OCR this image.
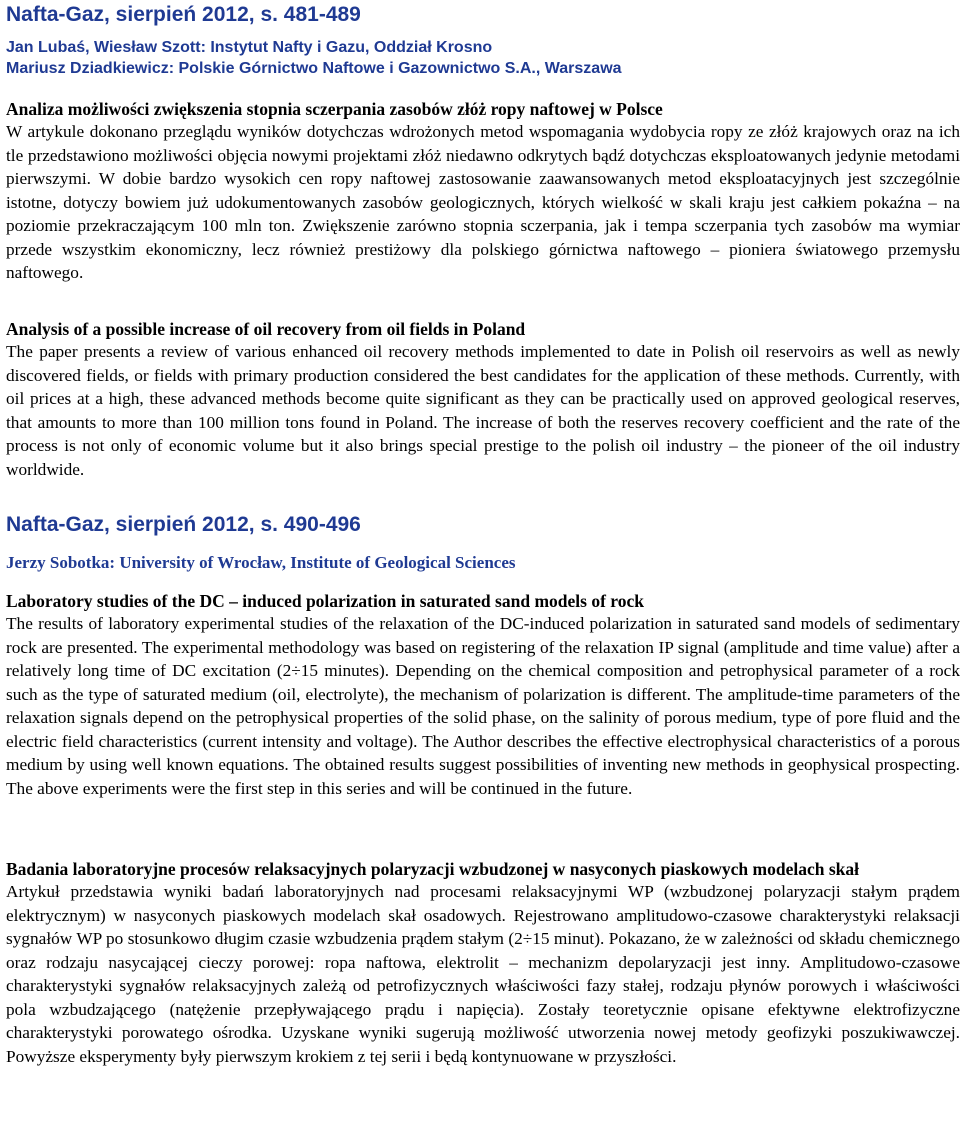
Nafta-Gaz, sierpień 2012, s. 481-489

Jan Lubaś, Wiesław Szott: Instytut Nafty i Gazu, Oddział Krosno

Mariusz Dziadkiewicz: Polskie Górnictwo Naftowe i Gazownictwo S.A., Warszawa

Analiza możliwości zwiększenia stopnia sczerpania zasobów złóż ropy naftowej w Polsce

W artykule dokonano przeglądu wyników dotychczas wdrożonych metod wspomagania wydobycia ropy ze złóż krajowych oraz na ich tle przedstawiono możliwości objęcia nowymi projektami złóż niedawno odkrytych bądź dotychczas eksploatowanych jedynie metodami pierwszymi. W dobie bardzo wysokich cen ropy naftowej zastosowanie zaawansowanych metod eksploatacyjnych jest szczególnie istotne, dotyczy bowiem już udokumentowanych zasobów geologicznych, których wielkość w skali kraju jest całkiem pokaźna – na poziomie przekraczającym 100 mln ton. Zwiększenie zarówno stopnia sczerpania, jak i tempa sczerpania tych zasobów ma wymiar przede wszystkim ekonomiczny, lecz również prestiżowy dla polskiego górnictwa naftowego – pioniera światowego przemysłu naftowego.

Analysis of a possible increase of oil recovery from oil fields in Poland

The paper presents a review of various enhanced oil recovery methods implemented to date in Polish oil reservoirs as well as newly discovered fields, or fields with primary production considered the best candidates for the application of these methods. Currently, with oil prices at a high, these advanced methods become quite significant as they can be practically used on approved geological reserves, that amounts to more than 100 million tons found in Poland. The increase of both the reserves recovery coefficient and the rate of the process is not only of economic volume but it also brings special prestige to the polish oil industry – the pioneer of the oil industry worldwide.

Nafta-Gaz, sierpień 2012, s. 490-496

Jerzy Sobotka: University of Wrocław, Institute of Geological Sciences

Laboratory studies of the DC – induced polarization in saturated sand models of rock

The results of laboratory experimental studies of the relaxation of the DC-induced polarization in saturated sand models of sedimentary rock are presented. The experimental methodology was based on registering of the relaxation IP signal (amplitude and time value) after a relatively long time of DC excitation (2÷15 minutes). Depending on the chemical composition and petrophysical parameter of a rock such as the type of saturated medium (oil, electrolyte), the mechanism of polarization is different. The amplitude-time parameters of the relaxation signals depend on the petrophysical properties of the solid phase, on the salinity of porous medium, type of pore fluid and the electric field characteristics (current intensity and voltage). The Author describes the effective electrophysical characteristics of a porous medium by using well known equations. The obtained results suggest possibilities of inventing new methods in geophysical prospecting. The above experiments were the first step in this series and will be continued in the future.

Badania laboratoryjne procesów relaksacyjnych polaryzacji wzbudzonej w nasyconych piaskowych modelach skał

Artykuł przedstawia wyniki badań laboratoryjnych nad procesami relaksacyjnymi WP (wzbudzonej polaryzacji stałym prądem elektrycznym) w nasyconych piaskowych modelach skał osadowych. Rejestrowano amplitudowo-czasowe charakterystyki relaksacji sygnałów WP po stosunkowo długim czasie wzbudzenia prądem stałym (2÷15 minut). Pokazano, że w zależności od składu chemicznego oraz rodzaju nasycającej cieczy porowej: ropa naftowa, elektrolit – mechanizm depolaryzacji jest inny. Amplitudowo-czasowe charakterystyki sygnałów relaksacyjnych zależą od petrofizycznych właściwości fazy stałej, rodzaju płynów porowych i właściwości pola wzbudzającego (natężenie przepływającego prądu i napięcia). Zostały teoretycznie opisane efektywne elektrofizyczne charakterystyki porowatego ośrodka. Uzyskane wyniki sugerują możliwość utworzenia nowej metody geofizyki poszukiwawczej. Powyższe eksperymenty były pierwszym krokiem z tej serii i będą kontynuowane w przyszłości.
